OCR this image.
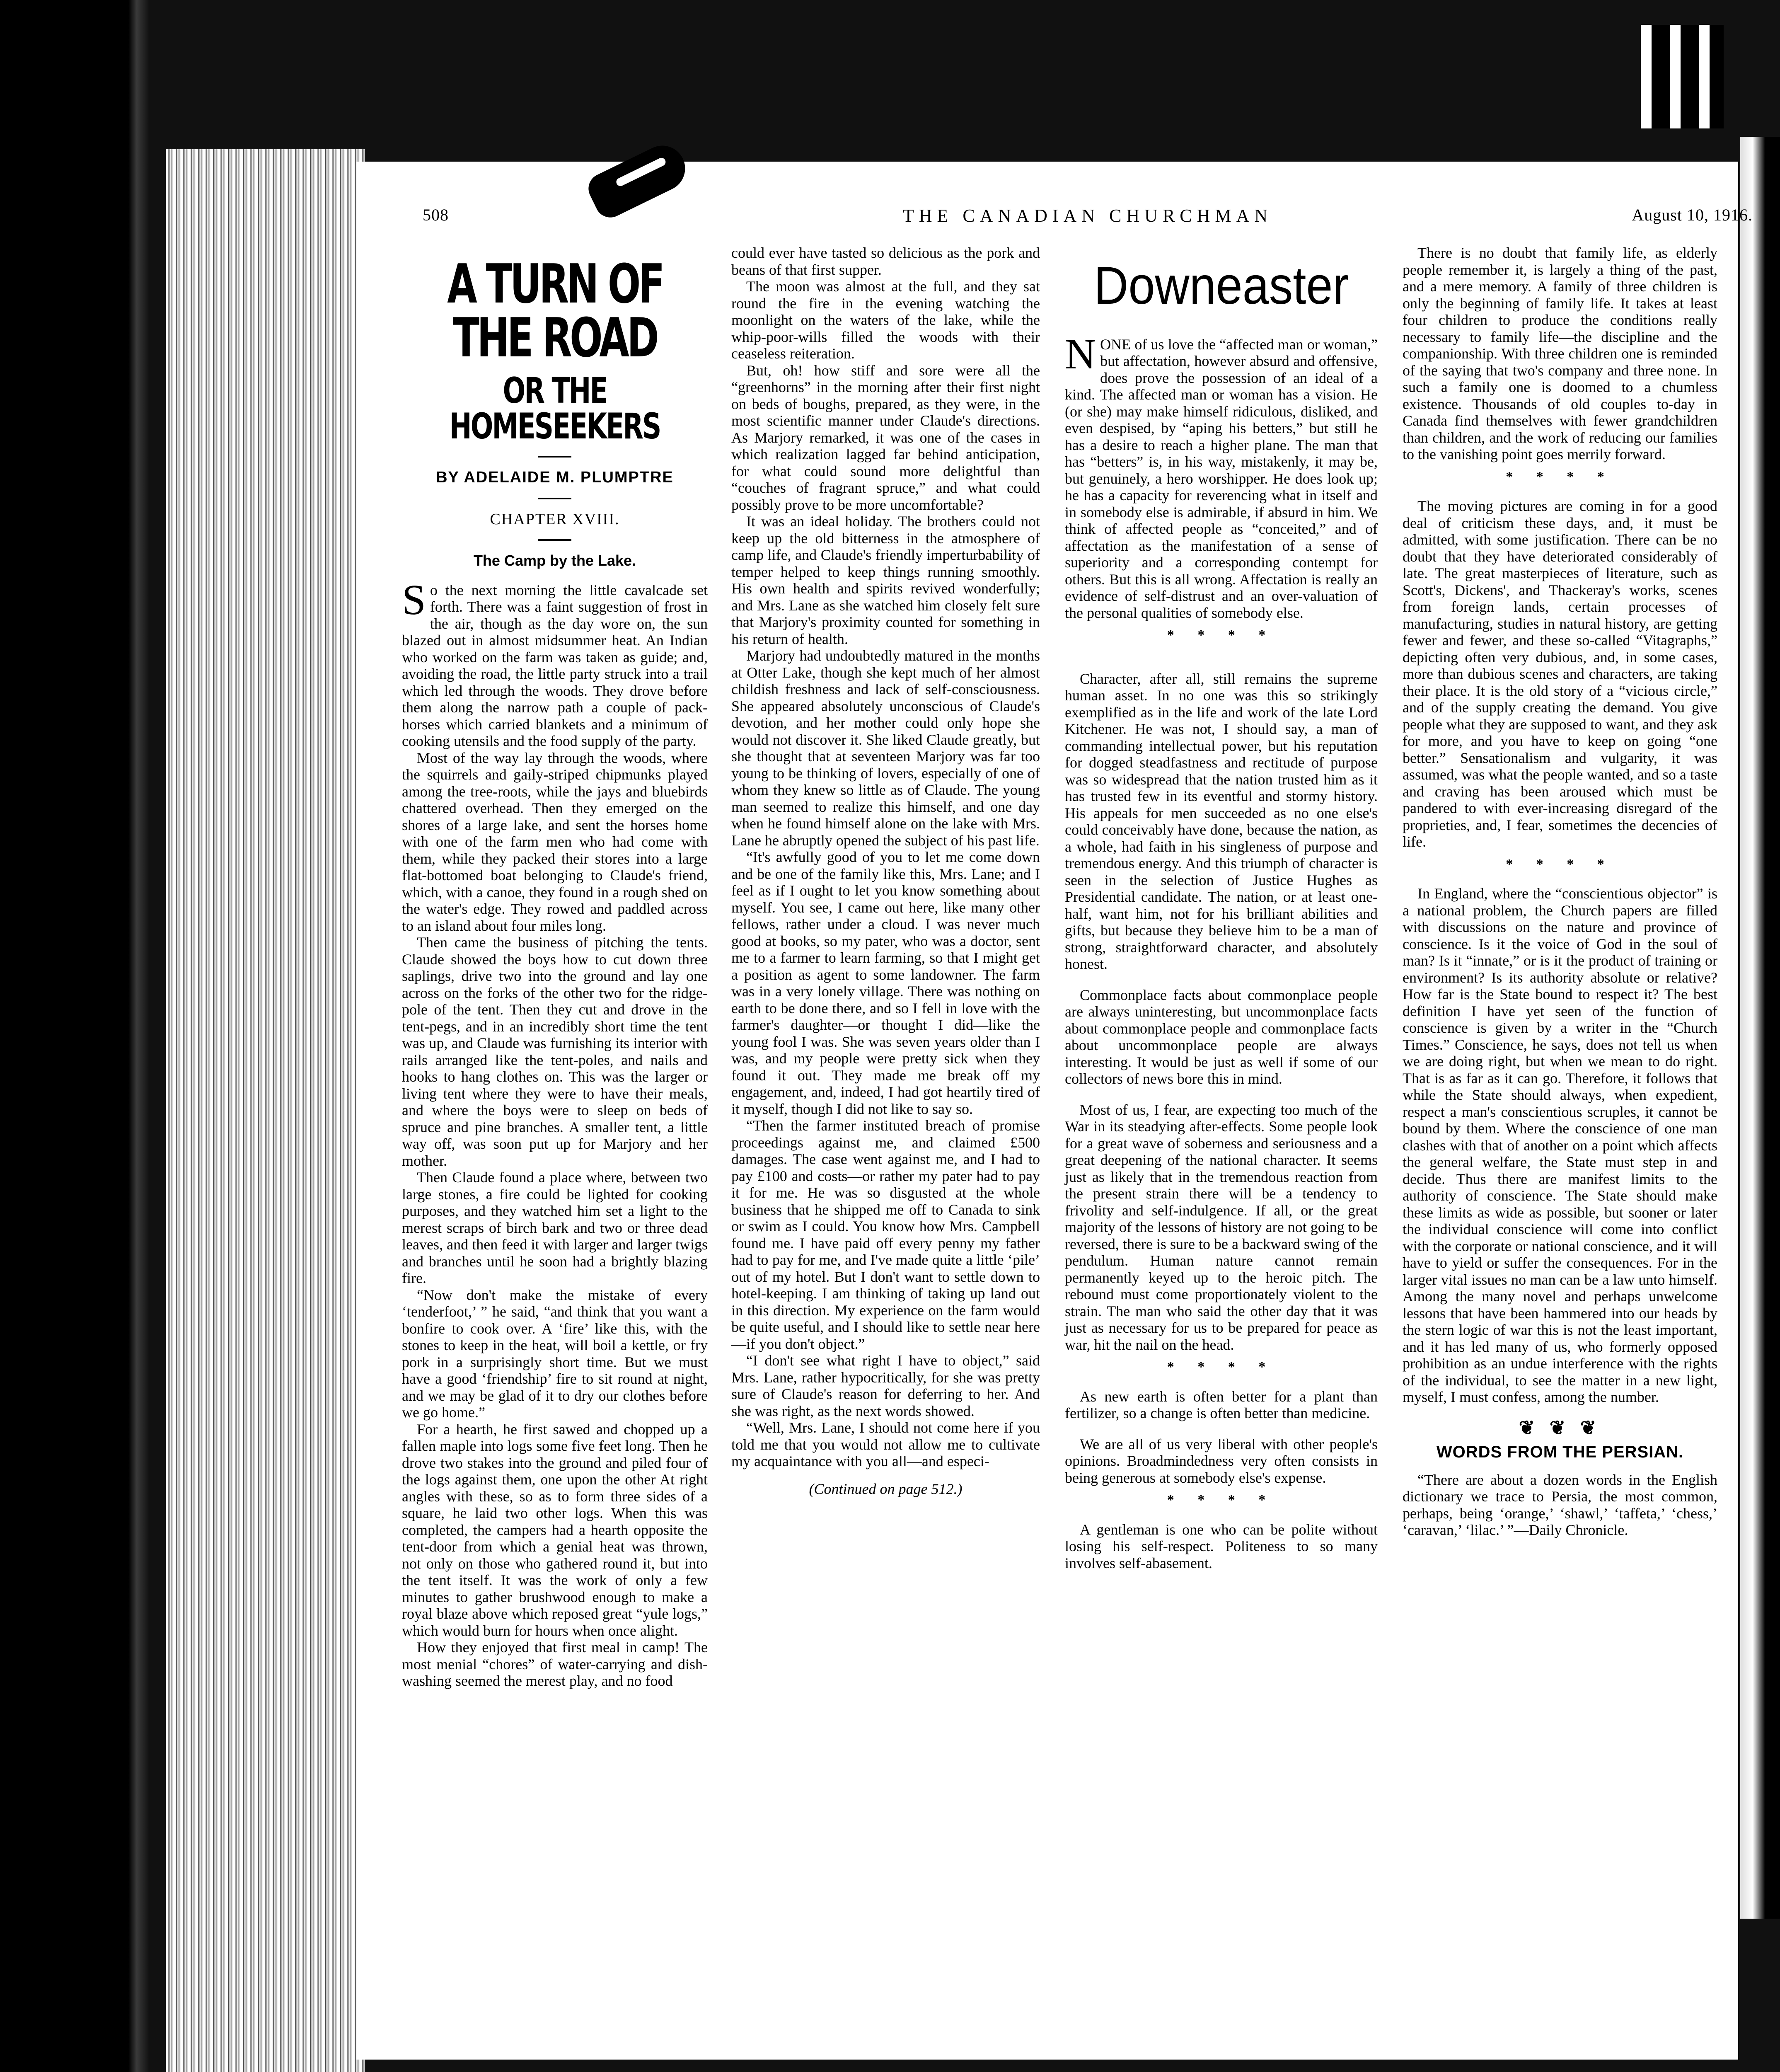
508	THE CANADIAN CHURCHMAN	August 10, 1916.
A TURN OF THE ROAD
OR THE HOMESEEKERS
BY ADELAIDE M. PLUMPTRE
CHAPTER XVIII.
The Camp by the Lake.

So the next morning the little cavalcade set forth. There was a faint suggestion of frost in the air, though as the day wore on, the sun blazed out in almost midsummer heat. An Indian who worked on the farm was taken as guide; and, avoiding the road, the little party struck into a trail which led through the woods. They drove before them along the narrow path a couple of pack-horses which carried blankets and a minimum of cooking utensils and the food supply of the party.

Most of the way lay through the woods, where the squirrels and gaily-striped chipmunks played among the tree-roots, while the jays and bluebirds chattered overhead. Then they emerged on the shores of a large lake, and sent the horses home with one of the farm men who had come with them, while they packed their stores into a large flat-bottomed boat belonging to Claude's friend, which, with a canoe, they found in a rough shed on the water's edge. They rowed and paddled across to an island about four miles long.

Then came the business of pitching the tents. Claude showed the boys how to cut down three saplings, drive two into the ground and lay one across on the forks of the other two for the ridge-pole of the tent. Then they cut and drove in the tent-pegs, and in an incredibly short time the tent was up, and Claude was furnishing its interior with rails arranged like the tent-poles, and nails and hooks to hang clothes on. This was the larger or living tent where they were to have their meals, and where the boys were to sleep on beds of spruce and pine branches. A smaller tent, a little way off, was soon put up for Marjory and her mother.

Then Claude found a place where, between two large stones, a fire could be lighted for cooking purposes, and they watched him set a light to the merest scraps of birch bark and two or three dead leaves, and then feed it with larger and larger twigs and branches until he soon had a brightly blazing fire.

“Now don't make the mistake of every ‘tenderfoot,’ ” he said, “and think that you want a bonfire to cook over. A ‘fire’ like this, with the stones to keep in the heat, will boil a kettle, or fry pork in a surprisingly short time. But we must have a good ‘friendship’ fire to sit round at night, and we may be glad of it to dry our clothes before we go home.”

For a hearth, he first sawed and chopped up a fallen maple into logs some five feet long. Then he drove two stakes into the ground and piled four of the logs against them, one upon the other At right angles with these, so as to form three sides of a square, he laid two other logs. When this was completed, the campers had a hearth opposite the tent-door from which a genial heat was thrown, not only on those who gathered round it, but into the tent itself. It was the work of only a few minutes to gather brushwood enough to make a royal blaze above which reposed great “yule logs,” which would burn for hours when once alight.

How they enjoyed that first meal in camp! The most menial “chores” of water-carrying and dish-washing seemed the merest play, and no food

could ever have tasted so delicious as the pork and beans of that first supper.

The moon was almost at the full, and they sat round the fire in the evening watching the moonlight on the waters of the lake, while the whip-poor-wills filled the woods with their ceaseless reiteration.

But, oh! how stiff and sore were all the “greenhorns” in the morning after their first night on beds of boughs, prepared, as they were, in the most scientific manner under Claude's directions. As Marjory remarked, it was one of the cases in which realization lagged far behind anticipation, for what could sound more delightful than “couches of fragrant spruce,” and what could possibly prove to be more uncomfortable?

It was an ideal holiday. The brothers could not keep up the old bitterness in the atmosphere of camp life, and Claude's friendly imperturbability of temper helped to keep things running smoothly. His own health and spirits revived wonderfully; and Mrs. Lane as she watched him closely felt sure that Marjory's proximity counted for something in his return of health.

Marjory had undoubtedly matured in the months at Otter Lake, though she kept much of her almost childish freshness and lack of self-consciousness. She appeared absolutely unconscious of Claude's devotion, and her mother could only hope she would not discover it. She liked Claude greatly, but she thought that at seventeen Marjory was far too young to be thinking of lovers, especially of one of whom they knew so little as of Claude. The young man seemed to realize this himself, and one day when he found himself alone on the lake with Mrs. Lane he abruptly opened the subject of his past life.

“It's awfully good of you to let me come down and be one of the family like this, Mrs. Lane; and I feel as if I ought to let you know something about myself. You see, I came out here, like many other fellows, rather under a cloud. I was never much good at books, so my pater, who was a doctor, sent me to a farmer to learn farming, so that I might get a position as agent to some landowner. The farm was in a very lonely village. There was nothing on earth to be done there, and so I fell in love with the farmer's daughter—or thought I did—like the young fool I was. She was seven years older than I was, and my people were pretty sick when they found it out. They made me break off my engagement, and, indeed, I had got heartily tired of it myself, though I did not like to say so.

“Then the farmer instituted breach of promise proceedings against me, and claimed £500 damages. The case went against me, and I had to pay £100 and costs—or rather my pater had to pay it for me. He was so disgusted at the whole business that he shipped me off to Canada to sink or swim as I could. You know how Mrs. Campbell found me. I have paid off every penny my father had to pay for me, and I've made quite a little ‘pile’ out of my hotel. But I don't want to settle down to hotel-keeping. I am thinking of taking up land out in this direction. My experience on the farm would be quite useful, and I should like to settle near here—if you don't object.”

“I don't see what right I have to object,” said Mrs. Lane, rather hypocritically, for she was pretty sure of Claude's reason for deferring to her. And she was right, as the next words showed.

“Well, Mrs. Lane, I should not come here if you told me that you would not allow me to cultivate my acquaintance with you all—and especi-

(Continued on page 512.)
Downeaster

NONE of us love the “affected man or woman,” but affectation, however absurd and offensive, does prove the possession of an ideal of a kind. The affected man or woman has a vision. He (or she) may make himself ridiculous, disliked, and even despised, by “aping his betters,” but still he has a desire to reach a higher plane. The man that has “betters” is, in his way, mistakenly, it may be, but genuinely, a hero worshipper. He does look up; he has a capacity for reverencing what in itself and in somebody else is admirable, if absurd in him. We think of affected people as “conceited,” and of affectation as the manifestation of a sense of superiority and a corresponding contempt for others. But this is all wrong. Affectation is really an evidence of self-distrust and an over-valuation of the personal qualities of somebody else.

* * * *

Character, after all, still remains the supreme human asset. In no one was this so strikingly exemplified as in the life and work of the late Lord Kitchener. He was not, I should say, a man of commanding intellectual power, but his reputation for dogged steadfastness and rectitude of purpose was so widespread that the nation trusted him as it has trusted few in its eventful and stormy history. His appeals for men succeeded as no one else's could conceivably have done, because the nation, as a whole, had faith in his singleness of purpose and tremendous energy. And this triumph of character is seen in the selection of Justice Hughes as Presidential candidate. The nation, or at least one-half, want him, not for his brilliant abilities and gifts, but because they believe him to be a man of strong, straightforward character, and absolutely honest.

Commonplace facts about commonplace people are always uninteresting, but uncommonplace facts about commonplace people and commonplace facts about uncommonplace people are always interesting. It would be just as well if some of our collectors of news bore this in mind.

Most of us, I fear, are expecting too much of the War in its steadying after-effects. Some people look for a great wave of soberness and seriousness and a great deepening of the national character. It seems just as likely that in the tremendous reaction from the present strain there will be a tendency to frivolity and self-indulgence. If all, or the great majority of the lessons of history are not going to be reversed, there is sure to be a backward swing of the pendulum. Human nature cannot remain permanently keyed up to the heroic pitch. The rebound must come proportionately violent to the strain. The man who said the other day that it was just as necessary for us to be prepared for peace as war, hit the nail on the head.

* * * *

As new earth is often better for a plant than fertilizer, so a change is often better than medicine.

We are all of us very liberal with other people's opinions. Broadmindedness very often consists in being generous at somebody else's expense.

* * * *

A gentleman is one who can be polite without losing his self-respect. Politeness to so many involves self-abasement.

There is no doubt that family life, as elderly people remember it, is largely a thing of the past, and a mere memory. A family of three children is only the beginning of family life. It takes at least four children to produce the conditions really necessary to family life—the discipline and the companionship. With three children one is reminded of the saying that two's company and three none. In such a family one is doomed to a chumless existence. Thousands of old couples to-day in Canada find themselves with fewer grandchildren than children, and the work of reducing our families to the vanishing point goes merrily forward.

* * * *

The moving pictures are coming in for a good deal of criticism these days, and, it must be admitted, with some justification. There can be no doubt that they have deteriorated considerably of late. The great masterpieces of literature, such as Scott's, Dickens', and Thackeray's works, scenes from foreign lands, certain processes of manufacturing, studies in natural history, are getting fewer and fewer, and these so-called “Vitagraphs,” depicting often very dubious, and, in some cases, more than dubious scenes and characters, are taking their place. It is the old story of a “vicious circle,” and of the supply creating the demand. You give people what they are supposed to want, and they ask for more, and you have to keep on going “one better.” Sensationalism and vulgarity, it was assumed, was what the people wanted, and so a taste and craving has been aroused which must be pandered to with ever-increasing disregard of the proprieties, and, I fear, sometimes the decencies of life.

* * * *

In England, where the “conscientious objector” is a national problem, the Church papers are filled with discussions on the nature and province of conscience. Is it the voice of God in the soul of man? Is it “innate,” or is it the product of training or environment? Is its authority absolute or relative? How far is the State bound to respect it? The best definition I have yet seen of the function of conscience is given by a writer in the “Church Times.” Conscience, he says, does not tell us when we are doing right, but when we mean to do right. That is as far as it can go. Therefore, it follows that while the State should always, when expedient, respect a man's conscientious scruples, it cannot be bound by them. Where the conscience of one man clashes with that of another on a point which affects the general welfare, the State must step in and decide. Thus there are manifest limits to the authority of conscience. The State should make these limits as wide as possible, but sooner or later the individual conscience will come into conflict with the corporate or national conscience, and it will have to yield or suffer the consequences. For in the larger vital issues no man can be a law unto himself. Among the many novel and perhaps unwelcome lessons that have been hammered into our heads by the stern logic of war this is not the least important, and it has led many of us, who formerly opposed prohibition as an undue interference with the rights of the individual, to see the matter in a new light, myself, I must confess, among the number.

❦ ❦ ❦
WORDS FROM THE PERSIAN.

“There are about a dozen words in the English dictionary we trace to Persia, the most common, perhaps, being ‘orange,’ ‘shawl,’ ‘taffeta,’ ‘chess,’ ‘caravan,’ ‘lilac.’ ”—Daily Chronicle.
